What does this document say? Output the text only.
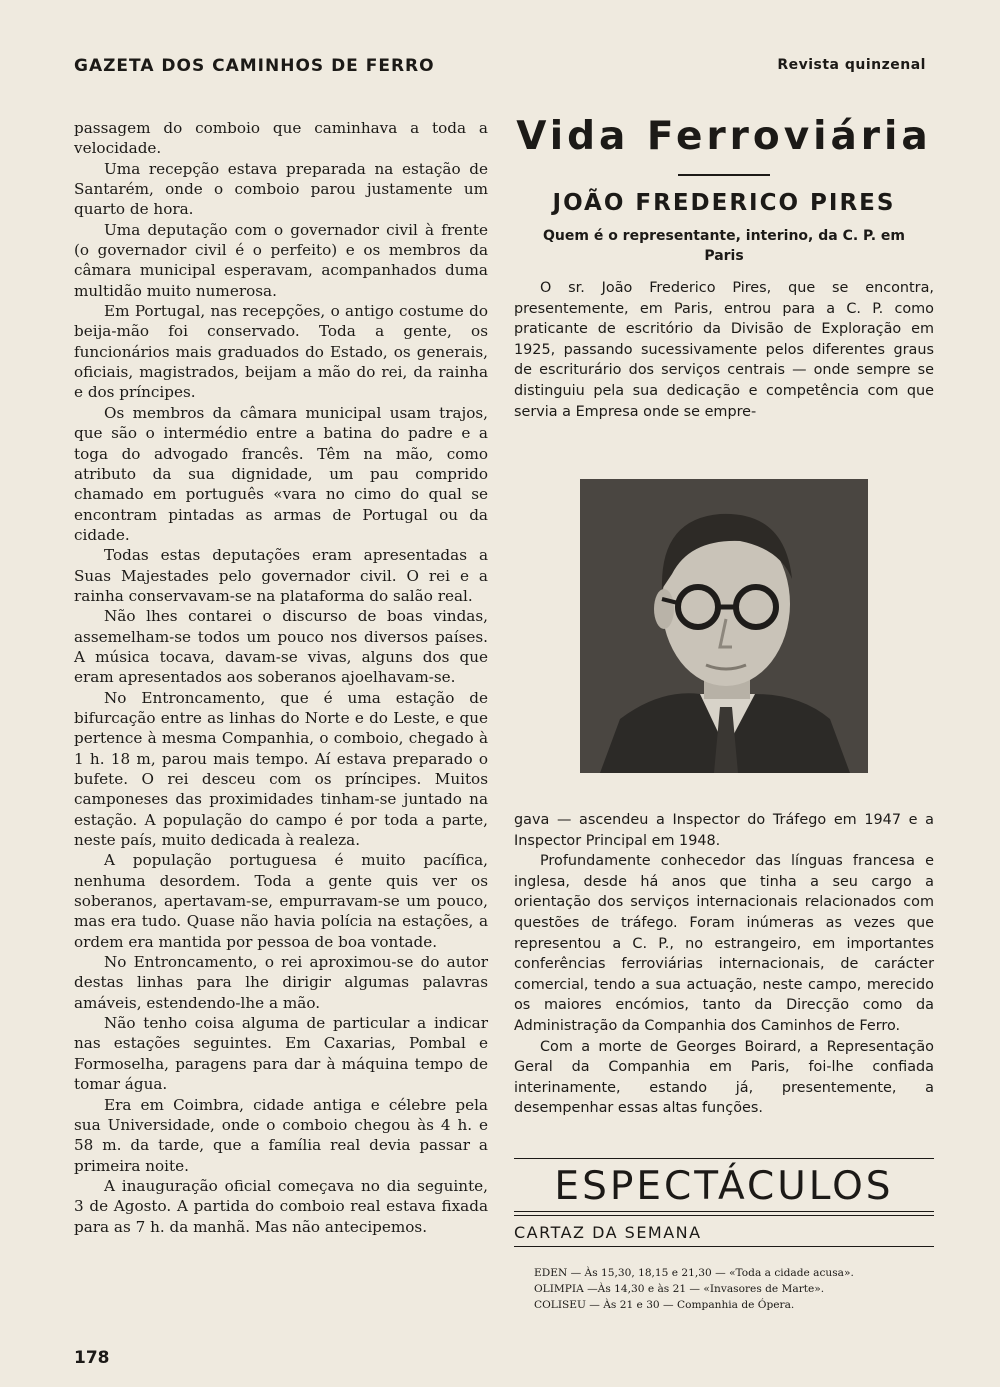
GAZETA DOS CAMINHOS DE FERRO	Revista quinzenal

passagem do comboio que caminhava a toda a velocidade.

Uma recepção estava preparada na estação de Santarém, onde o comboio parou justamente um quarto de hora.

Uma deputação com o governador civil à frente (o governador civil é o perfeito) e os membros da câmara municipal esperavam, acompanhados duma multidão muito numerosa.

Em Portugal, nas recepções, o antigo costume do beija-mão foi conservado. Toda a gente, os funcionários mais graduados do Estado, os generais, oficiais, magistrados, beijam a mão do rei, da rainha e dos príncipes.

Os membros da câmara municipal usam trajos, que são o intermédio entre a batina do padre e a toga do advogado francês. Têm na mão, como atributo da sua dignidade, um pau comprido chamado em português «vara no cimo do qual se encontram pintadas as armas de Portugal ou da cidade.

Todas estas deputações eram apresentadas a Suas Majestades pelo governador civil. O rei e a rainha conservavam-se na plataforma do salão real.

Não lhes contarei o discurso de boas vindas, assemelham-se todos um pouco nos diversos países. A música tocava, davam-se vivas, alguns dos que eram apresentados aos soberanos ajoelhavam-se.

No Entroncamento, que é uma estação de bifurcação entre as linhas do Norte e do Leste, e que pertence à mesma Companhia, o comboio, chegado à 1 h. 18 m, parou mais tempo. Aí estava preparado o bufete. O rei desceu com os príncipes. Muitos camponeses das proximidades tinham-se juntado na estação. A população do campo é por toda a parte, neste país, muito dedicada à realeza.

A população portuguesa é muito pacífica, nenhuma desordem. Toda a gente quis ver os soberanos, apertavam-se, empurravam-se um pouco, mas era tudo. Quase não havia polícia na estações, a ordem era mantida por pessoa de boa vontade.

No Entroncamento, o rei aproximou-se do autor destas linhas para lhe dirigir algumas palavras amáveis, estendendo-lhe a mão.

Não tenho coisa alguma de particular a indicar nas estações seguintes. Em Caxarias, Pombal e Formoselha, paragens para dar à máquina tempo de tomar água.

Era em Coimbra, cidade antiga e célebre pela sua Universidade, onde o comboio chegou às 4 h. e 58 m. da tarde, que a família real devia passar a primeira noite.

A inauguração oficial começava no dia seguinte, 3 de Agosto. A partida do comboio real estava fixada para as 7 h. da manhã. Mas não antecipemos.

Vida Ferroviária
JOÃO FREDERICO PIRES
Quem é o representante, interino, da C. P. em Paris

O sr. João Frederico Pires, que se encontra, presentemente, em Paris, entrou para a C. P. como praticante de escritório da Divisão de Exploração em 1925, passando sucessivamente pelos diferentes graus de escriturário dos serviços centrais — onde sempre se distinguiu pela sua dedicação e competência com que servia a Empresa onde se empre-

gava — ascendeu a Inspector do Tráfego em 1947 e a Inspector Principal em 1948.

Profundamente conhecedor das línguas francesa e inglesa, desde há anos que tinha a seu cargo a orientação dos serviços internacionais relacionados com questões de tráfego. Foram inúmeras as vezes que representou a C. P., no estrangeiro, em importantes conferências ferroviárias internacionais, de carácter comercial, tendo a sua actuação, neste campo, merecido os maiores encómios, tanto da Direcção como da Administração da Companhia dos Caminhos de Ferro.

Com a morte de Georges Boirard, a Representação Geral da Companhia em Paris, foi-lhe confiada interinamente, estando já, presentemente, a desempenhar essas altas funções.

ESPECTÁCULOS
CARTAZ DA SEMANA
EDEN — Às 15,30, 18,15 e 21,30 — «Toda a cidade acusa».
OLIMPIA —Às 14,30 e às 21 — «Invasores de Marte».
COLISEU — Às 21 e 30 — Companhia de Ópera.
178
